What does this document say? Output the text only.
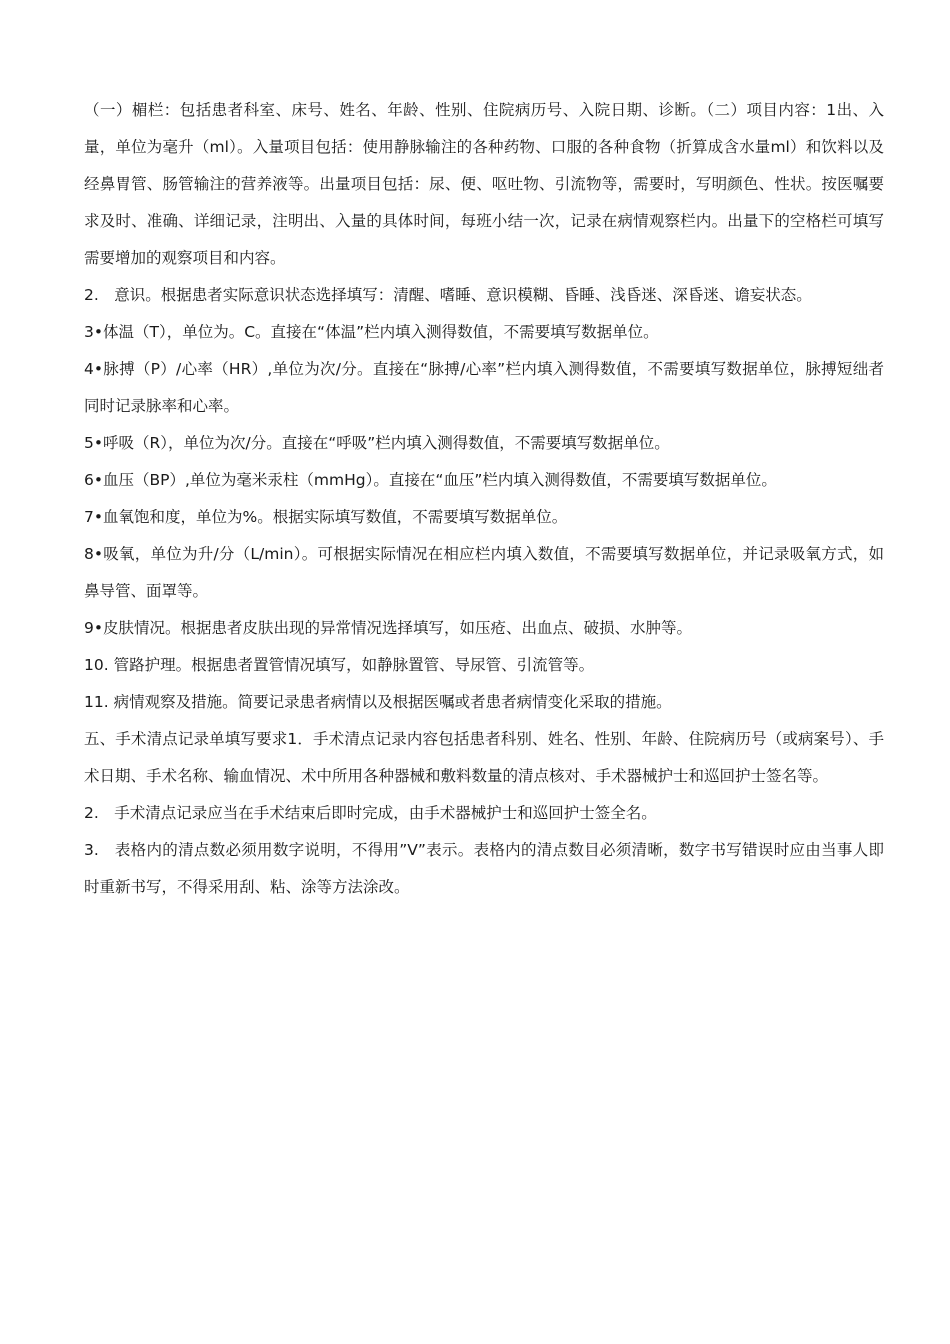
（一）楣栏：包括患者科室、床号、姓名、年龄、性别、住院病历号、入院日期、诊断。（二）项目内容：1出、入量，单位为毫升（ml）。入量项目包括：使用静脉输注的各种药物、口服的各种食物（折算成含水量ml）和饮料以及经鼻胃管、肠管输注的营养液等。出量项目包括：尿、便、呕吐物、引流物等，需要时，写明颜色、性状。按医嘱要求及时、准确、详细记录，注明出、入量的具体时间，每班小结一次，记录在病情观察栏内。出量下的空格栏可填写需要增加的观察项目和内容。

2.　意识。根据患者实际意识状态选择填写：清醒、嗜睡、意识模糊、昏睡、浅昏迷、深昏迷、谵妄状态。

3•体温（T），单位为。C。直接在“体温”栏内填入测得数值，不需要填写数据单位。

4•脉搏（P）/心率（HR）,单位为次/分。直接在“脉搏/心率”栏内填入测得数值，不需要填写数据单位，脉搏短绌者同时记录脉率和心率。

5•呼吸（R），单位为次/分。直接在“呼吸”栏内填入测得数值，不需要填写数据单位。

6•血压（BP）,单位为毫米汞柱（mmHg）。直接在“血压”栏内填入测得数值，不需要填写数据单位。

7•血氧饱和度，单位为%。根据实际填写数值，不需要填写数据单位。

8•吸氧，单位为升/分（L/min）。可根据实际情况在相应栏内填入数值，不需要填写数据单位，并记录吸氧方式，如鼻导管、面罩等。

9•皮肤情况。根据患者皮肤出现的异常情况选择填写，如压疮、出血点、破损、水肿等。

10. 管路护理。根据患者置管情况填写，如静脉置管、导尿管、引流管等。

11. 病情观察及措施。简要记录患者病情以及根据医嘱或者患者病情变化采取的措施。

五、手术清点记录单填写要求1．手术清点记录内容包括患者科别、姓名、性别、年龄、住院病历号（或病案号）、手术日期、手术名称、输血情况、术中所用各种器械和敷料数量的清点核对、手术器械护士和巡回护士签名等。

2.　手术清点记录应当在手术结束后即时完成，由手术器械护士和巡回护士签全名。

3.　表格内的清点数必须用数字说明，不得用”V”表示。表格内的清点数目必须清晰，数字书写错误时应由当事人即时重新书写，不得采用刮、粘、涂等方法涂改。
